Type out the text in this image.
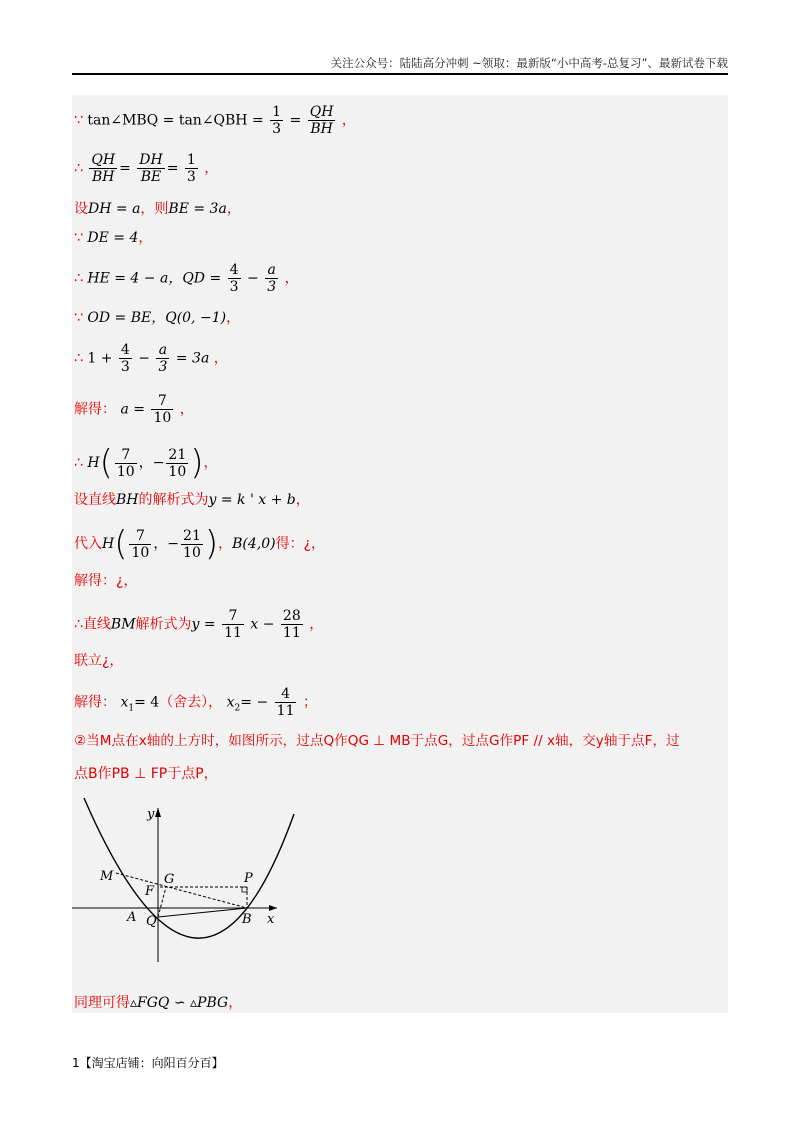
关注公众号：陆陆高分冲刺 ~领取：最新版“小中高考-总复习”、最新试卷下载
∵ tan∠MBQ = tan∠QBH = $\frac{1}{3} = \frac{QH}{BH}$ ，
∴ $\frac{QH}{BH} = \frac{DH}{BE} = \frac{1}{3}$ ，
设DH = a，则BE = 3a，
∵ DE = 4，
∴ HE = 4 − a，QD = $\frac{4}{3} - \frac{a}{3}$ ，
∵ OD = BE，Q(0, −1)，
∴ $1 + \frac{4}{3} - \frac{a}{3} = 3a$ ，
解得： $a = \frac{7}{10}$ ，
∴ $H( \frac{7}{10}$ ，− $\frac{21}{10}$ )，
设直线BH的解析式为y = k ' x + b，
代入$H( \frac{7}{10}$ ，− $\frac{21}{10}$ )，B(4,0)得：¿，
解得：¿，
∴直线BM解析式为$y = \frac{7}{11}$ $x - \frac{28}{11}$ ，
联立¿，
解得： $x_1= 4$（舍去）， $x_2= - \frac{4}{11}$ ；
②当M点在x轴的上方时，如图所示，过点Q作QG ⊥ MB于点G，过点G作PF // x轴，交y轴于点F，过
点B作PB ⊥ FP于点P，
y
x
M	G	P
F
A Q	B
同理可得▵FGQ ∽ ▵PBG，
1【淘宝店铺：向阳百分百】
